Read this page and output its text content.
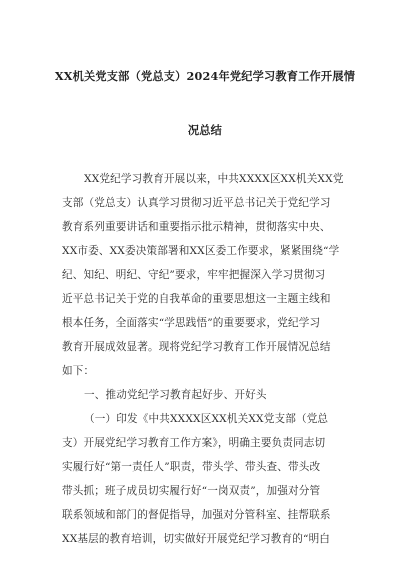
XX机关党支部（党总支）2024年党纪学习教育工作开展情
况总结
XX党纪学习教育开展以来，中共XXXX区XX机关XX党
支部（党总支）认真学习贯彻习近平总书记关于党纪学习
教育系列重要讲话和重要指示批示精神，贯彻落实中央、
XX市委、XX委决策部署和XX区委工作要求，紧紧围绕“学
纪、知纪、明纪、守纪”要求，牢牢把握深入学习贯彻习
近平总书记关于党的自我革命的重要思想这一主题主线和
根本任务，全面落实“学思践悟”的重要要求，党纪学习
教育开展成效显著。现将党纪学习教育工作开展情况总结
如下：
一、推动党纪学习教育起好步、开好头
（一）印发《中共XXXX区XX机关XX党支部（党总
支）开展党纪学习教育工作方案》，明确主要负责同志切
实履行好“第一责任人”职责，带头学、带头查、带头改
带头抓；班子成员切实履行好“一岗双责”，加强对分管
联系领域和部门的督促指导，加强对分管科室、挂帮联系
XX基层的教育培训，切实做好开展党纪学习教育的“明白
